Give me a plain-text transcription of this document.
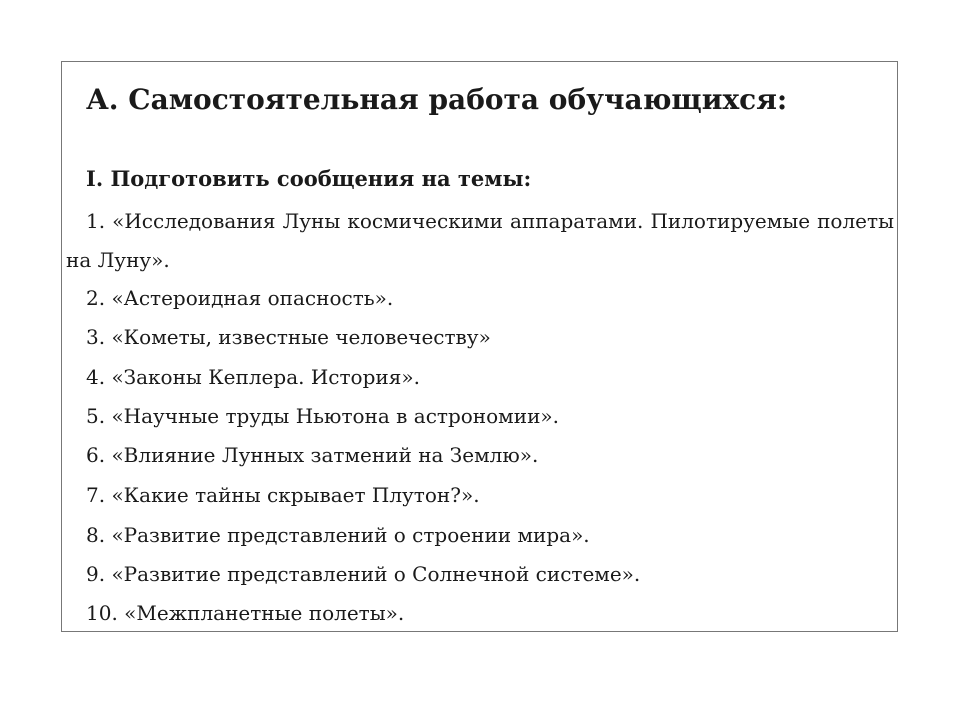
А. Самостоятельная работа обучающихся:
I. Подготовить сообщения на темы:

1. «Исследования Луны космическими аппаратами. Пилотируемые полеты на Луну».

2. «Астероидная опасность».

3. «Кометы, известные человечеству»

4. «Законы Кеплера. История».

5. «Научные труды Ньютона в астрономии».

6. «Влияние Лунных затмений на Землю».

7. «Какие тайны скрывает Плутон?».

8. «Развитие представлений о строении мира».

9. «Развитие представлений о Солнечной системе».

10. «Межпланетные полеты».
